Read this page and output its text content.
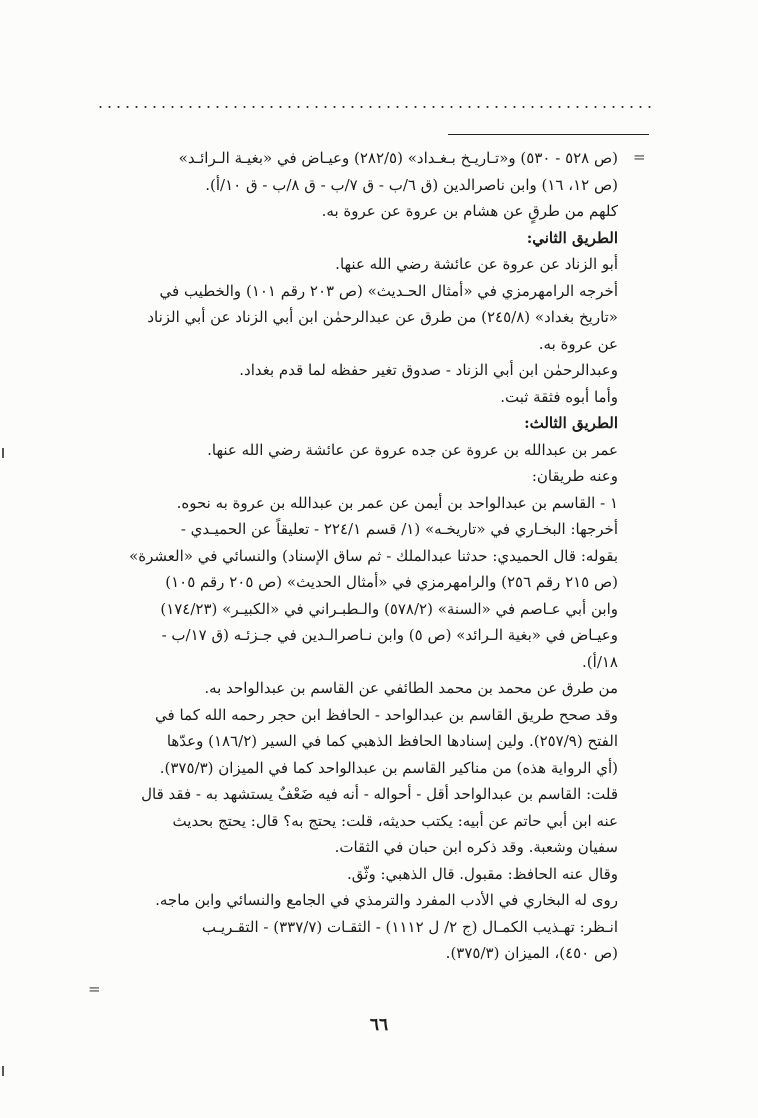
=
(ص ٥٢٨ - ٥٣٠) و«تـاريـخ بـغـداد» (٢٨٢/٥) وعيـاض في «بغيـة الـرائـد»
(ص ١٢، ١٦) وابن ناصرالدين (ق ٦/ب - ق ٧/ب - ق ٨/ب - ق ١٠/أ).
كلهم من طرقٍ عن هشام بن عروة عن عروة به.
الطريق الثاني:
أبو الزناد عن عروة عن عائشة رضي الله عنها.
أخرجه الرامهرمزي في «أمثال الحـديث» (ص ٢٠٣ رقم ١٠١) والخطيب في
«تاريخ بغداد» (٢٤٥/٨) من طرق عن عبدالرحمٰن ابن أبي الزناد عن أبي الزناد
عن عروة به.
وعبدالرحمٰن ابن أبي الزناد - صدوق تغير حفظه لما قدم بغداد.
وأما أبوه فثقة ثبت.
الطريق الثالث:
عمر بن عبدالله بن عروة عن جده عروة عن عائشة رضي الله عنها.
وعنه طريقان:
١ - القاسم بن عبدالواحد بن أيمن عن عمر بن عبدالله بن عروة به نحوه.
أخرجها: البخـاري في «تاريخـه» (١/ قسم ٢٢٤/١ - تعليقاً عن الحميـدي -
بقوله: قال الحميدي: حدثنا عبدالملك - ثم ساق الإسناد) والنسائي في «العشرة»
(ص ٢١٥ رقم ٢٥٦) والرامهرمزي في «أمثال الحديث» (ص ٢٠٥ رقم ١٠٥)
وابن أبي عـاصم في «السنة» (٥٧٨/٢) والـطبـراني في «الكبيـر» (١٧٤/٢٣)
وعيـاض في «بغية الـرائد» (ص ٥) وابن نـاصرالـدين في جـزئـه (ق ١٧/ب -
١٨/أ).
من طرق عن محمد بن محمد الطائفي عن القاسم بن عبدالواحد به.
وقد صحح طريق القاسم بن عبدالواحد - الحافظ ابن حجر رحمه الله كما في
الفتح (٢٥٧/٩). ولين إسنادها الحافظ الذهبي كما في السير (١٨٦/٢) وعدّها
(أي الرواية هذه) من مناكير القاسم بن عبدالواحد كما في الميزان (٣٧٥/٣).
قلت: القاسم بن عبدالواحد أقل - أحواله - أنه فيه ضَعْفٌ يستشهد به - فقد قال
عنه ابن أبي حاتم عن أبيه: يكتب حديثه، قلت: يحتج به؟ قال: يحتج بحديث
سفيان وشعبة. وقد ذكره ابن حبان في الثقات.
وقال عنه الحافظ: مقبول. قال الذهبي: وثّق.
روى له البخاري في الأدب المفرد والترمذي في الجامع والنسائي وابن ماجه.
انـظر: تهـذيب الكمـال (ج ٢/ ل ١١١٢) - الثقـات (٣٣٧/٧) - التقـريـب
(ص ٤٥٠)، الميزان (٣٧٥/٣).
=
٦٦
